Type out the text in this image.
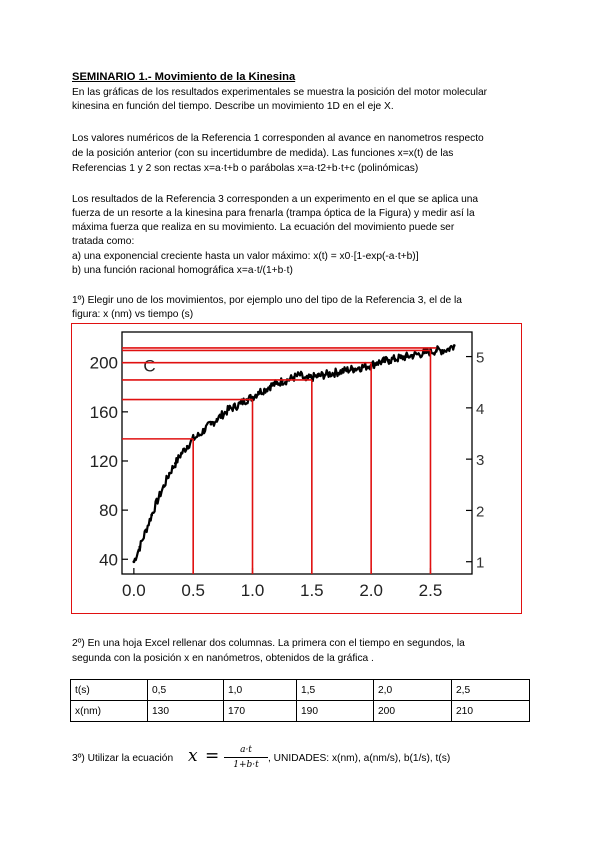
SEMINARIO 1.- Movimiento de la Kinesina
En las gráficas de los resultados experimentales se muestra la posición del motor molecular
kinesina en función del tiempo. Describe un movimiento 1D en el eje X.
Los valores numéricos de la Referencia 1 corresponden al avance en nanometros respecto
de la posición anterior (con su incertidumbre de medida). Las funciones x=x(t) de las
Referencias 1 y 2 son rectas x=a·t+b o parábolas x=a·t2+b·t+c (polinómicas)
Los resultados de la Referencia 3 corresponden a un experimento en el que se aplica una
fuerza de un resorte a la kinesina para frenarla (trampa óptica de la Figura) y medir así la
máxima fuerza que realiza en su movimiento. La ecuación del movimiento puede ser
tratada como:
a) una exponencial creciente hasta un valor máximo: x(t) = x0·[1-exp(-a·t+b)]
b) una función racional homográfica x=a·t/(1+b·t)
1º) Elegir uno de los movimientos, por ejemplo uno del tipo de la Referencia 3, el de la
figura: x (nm) vs tiempo (s)
40
80
120
160
200
1
2
3
4
5
0.0 0.5 1.0 1.5 2.0 2.5
C
2º) En una hoja Excel rellenar dos columnas. La primera con el tiempo en segundos, la
segunda con la posición x en nanómetros, obtenidos de la gráfica .
t(s)	0,5	1,0	1,5	2,0	2,5
x(nm)	130	170	190	200	210
3º) Utilizar la ecuación x =	a·t
1+b·t
, UNIDADES: x(nm), a(nm/s), b(1/s), t(s)
